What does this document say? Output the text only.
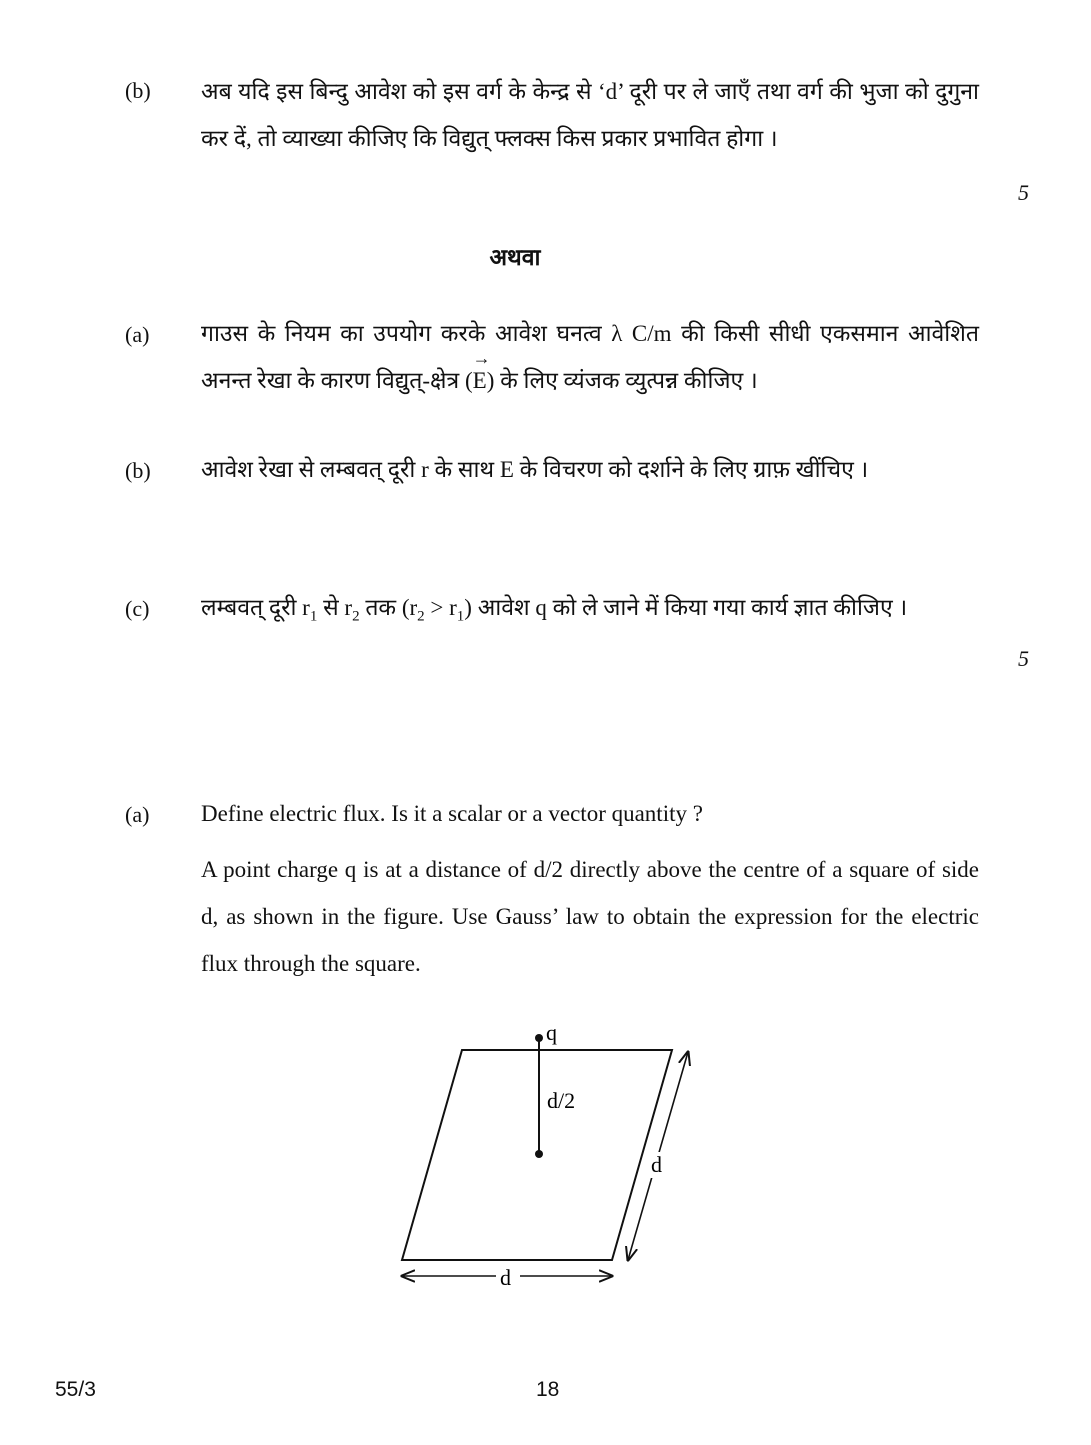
(b) अब यदि इस बिन्दु आवेश को इस वर्ग के केन्द्र से ‘d’ दूरी पर ले जाएँ तथा वर्ग की भुजा को दुगुना कर दें, तो व्याख्या कीजिए कि विद्युत् फ्लक्स किस प्रकार प्रभावित होगा ।
5
अथवा
(a) गाउस के नियम का उपयोग करके आवेश घनत्व λ C/m की किसी सीधी एकसमान आवेशित अनन्त रेखा के कारण विद्युत्-क्षेत्र (
→
E) के लिए व्यंजक व्युत्पन्न कीजिए ।
(b) आवेश रेखा से लम्बवत् दूरी r के साथ E के विचरण को दर्शाने के लिए ग्राफ़ खींचिए ।
(c) लम्बवत् दूरी $r_1$ से $r_2$ तक $(r_2 > r_1)$ आवेश q को ले जाने में किया गया कार्य ज्ञात कीजिए ।
5
(a) Define electric flux. Is it a scalar or a vector quantity ?
A point charge q is at a distance of d/2 directly above the centre of a square of side d, as shown in the figure. Use Gauss’ law to obtain the expression for the electric flux through the square.
q
d/2
d
d
55/3	18
